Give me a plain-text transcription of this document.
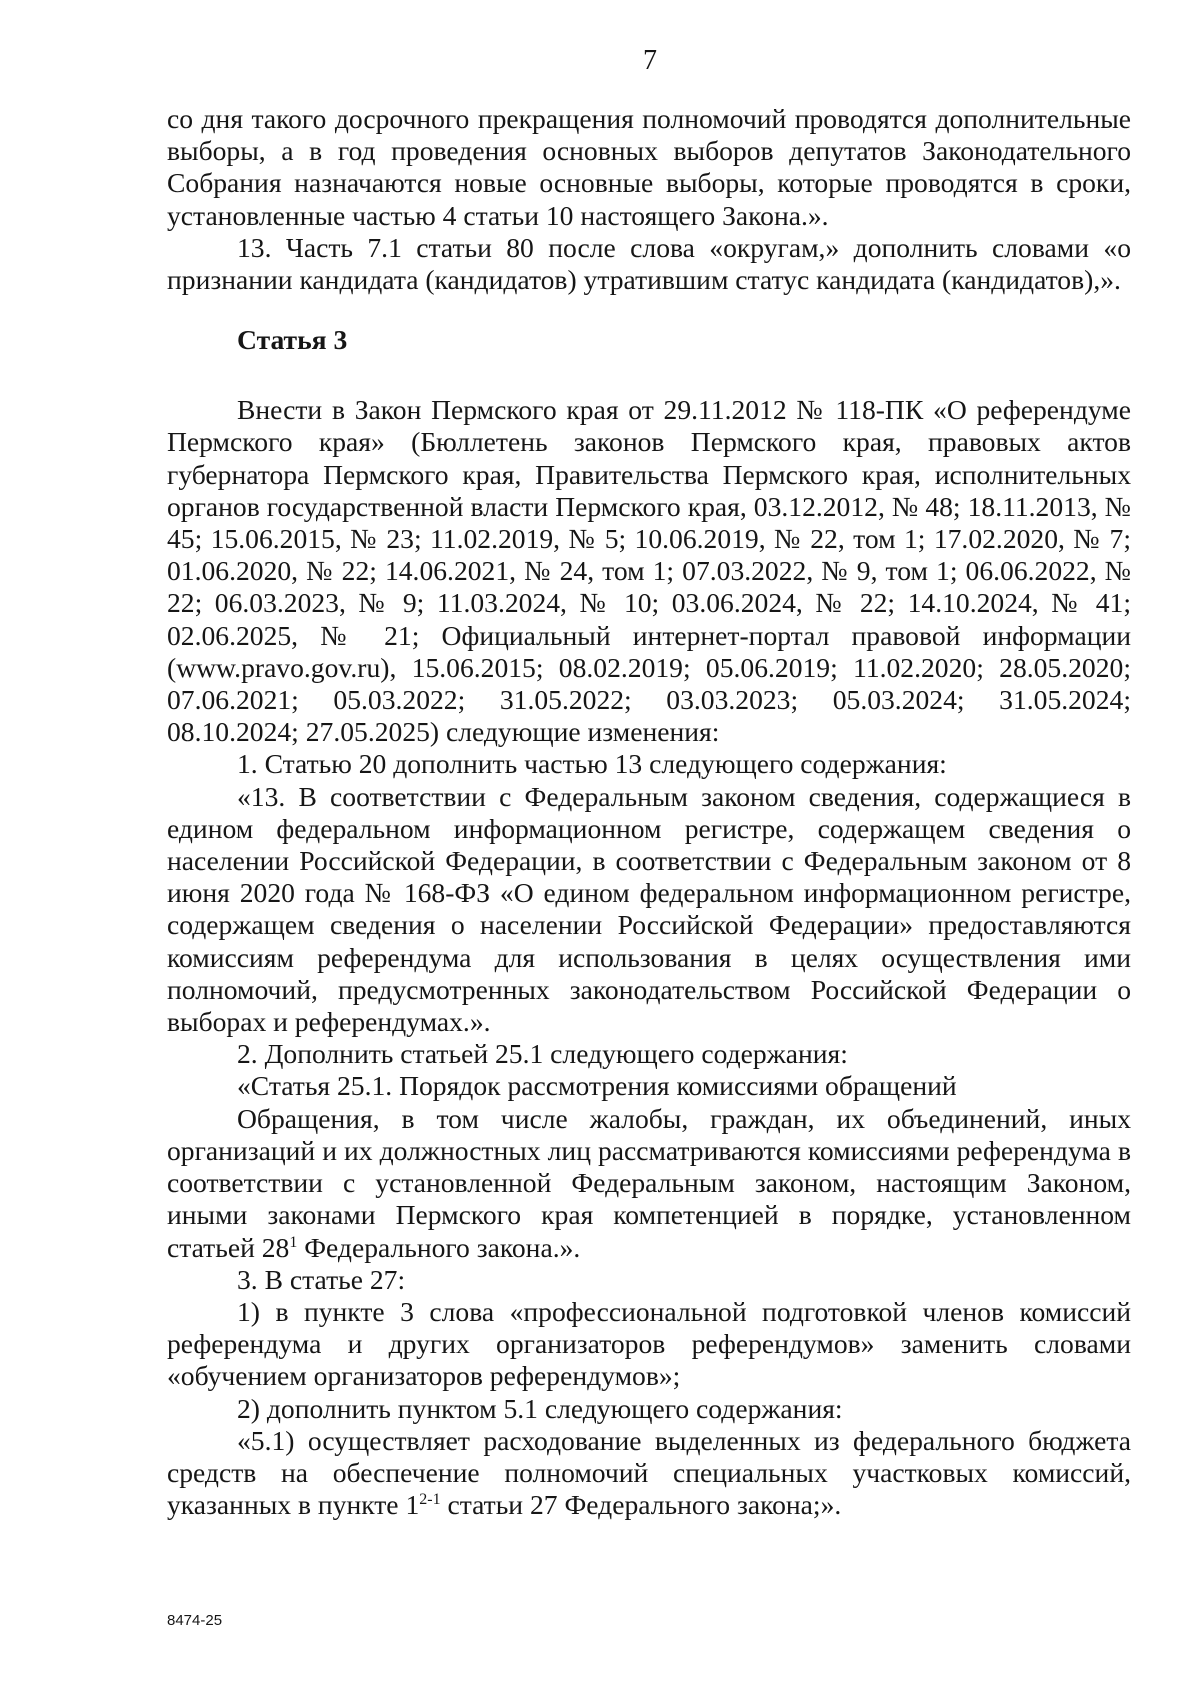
7

со дня такого досрочного прекращения полномочий проводятся дополнительные выборы, а в год проведения основных выборов депутатов Законодательного Собрания назначаются новые основные выборы, которые проводятся в сроки, установленные частью 4 статьи 10 настоящего Закона.».

13. Часть 7.1 статьи 80 после слова «округам,» дополнить словами «о признании кандидата (кандидатов) утратившим статус кандидата (кандидатов),».

Статья 3

Внести в Закон Пермского края от 29.11.2012 № 118-ПК «О референдуме Пермского края» (Бюллетень законов Пермского края, правовых актов губернатора Пермского края, Правительства Пермского края, исполнительных органов государственной власти Пермского края, 03.12.2012, № 48; 18.11.2013, № 45; 15.06.2015, № 23; 11.02.2019, № 5; 10.06.2019, № 22, том 1; 17.02.2020, № 7; 01.06.2020, № 22; 14.06.2021, № 24, том 1; 07.03.2022, № 9, том 1; 06.06.2022, № 22; 06.03.2023, № 9; 11.03.2024, № 10; 03.06.2024, № 22; 14.10.2024, № 41; 02.06.2025, № 21; Официальный интернет-портал правовой информации (www.pravo.gov.ru), 15.06.2015; 08.02.2019; 05.06.2019; 11.02.2020; 28.05.2020; 07.06.2021; 05.03.2022; 31.05.2022; 03.03.2023; 05.03.2024; 31.05.2024; 08.10.2024; 27.05.2025) следующие изменения:

1. Статью 20 дополнить частью 13 следующего содержания:

«13. В соответствии с Федеральным законом сведения, содержащиеся в едином федеральном информационном регистре, содержащем сведения о населении Российской Федерации, в соответствии с Федеральным законом от 8 июня 2020 года № 168-ФЗ «О едином федеральном информационном регистре, содержащем сведения о населении Российской Федерации» предоставляются комиссиям референдума для использования в целях осуществления ими полномочий, предусмотренных законодательством Российской Федерации о выборах и референдумах.».

2. Дополнить статьей 25.1 следующего содержания:

«Статья 25.1. Порядок рассмотрения комиссиями обращений

Обращения, в том числе жалобы, граждан, их объединений, иных организаций и их должностных лиц рассматриваются комиссиями референдума в соответствии с установленной Федеральным законом, настоящим Законом, иными законами Пермского края компетенцией в порядке, установленном статьей $28^1$ Федерального закона.».

3. В статье 27:

1) в пункте 3 слова «профессиональной подготовкой членов комиссий референдума и других организаторов референдумов» заменить словами «обучением организаторов референдумов»;

2) дополнить пунктом 5.1 следующего содержания:

«5.1) осуществляет расходование выделенных из федерального бюджета средств на обеспечение полномочий специальных участковых комиссий, указанных в пункте 1$^{2-1}$ статьи 27 Федерального закона;».

8474-25
